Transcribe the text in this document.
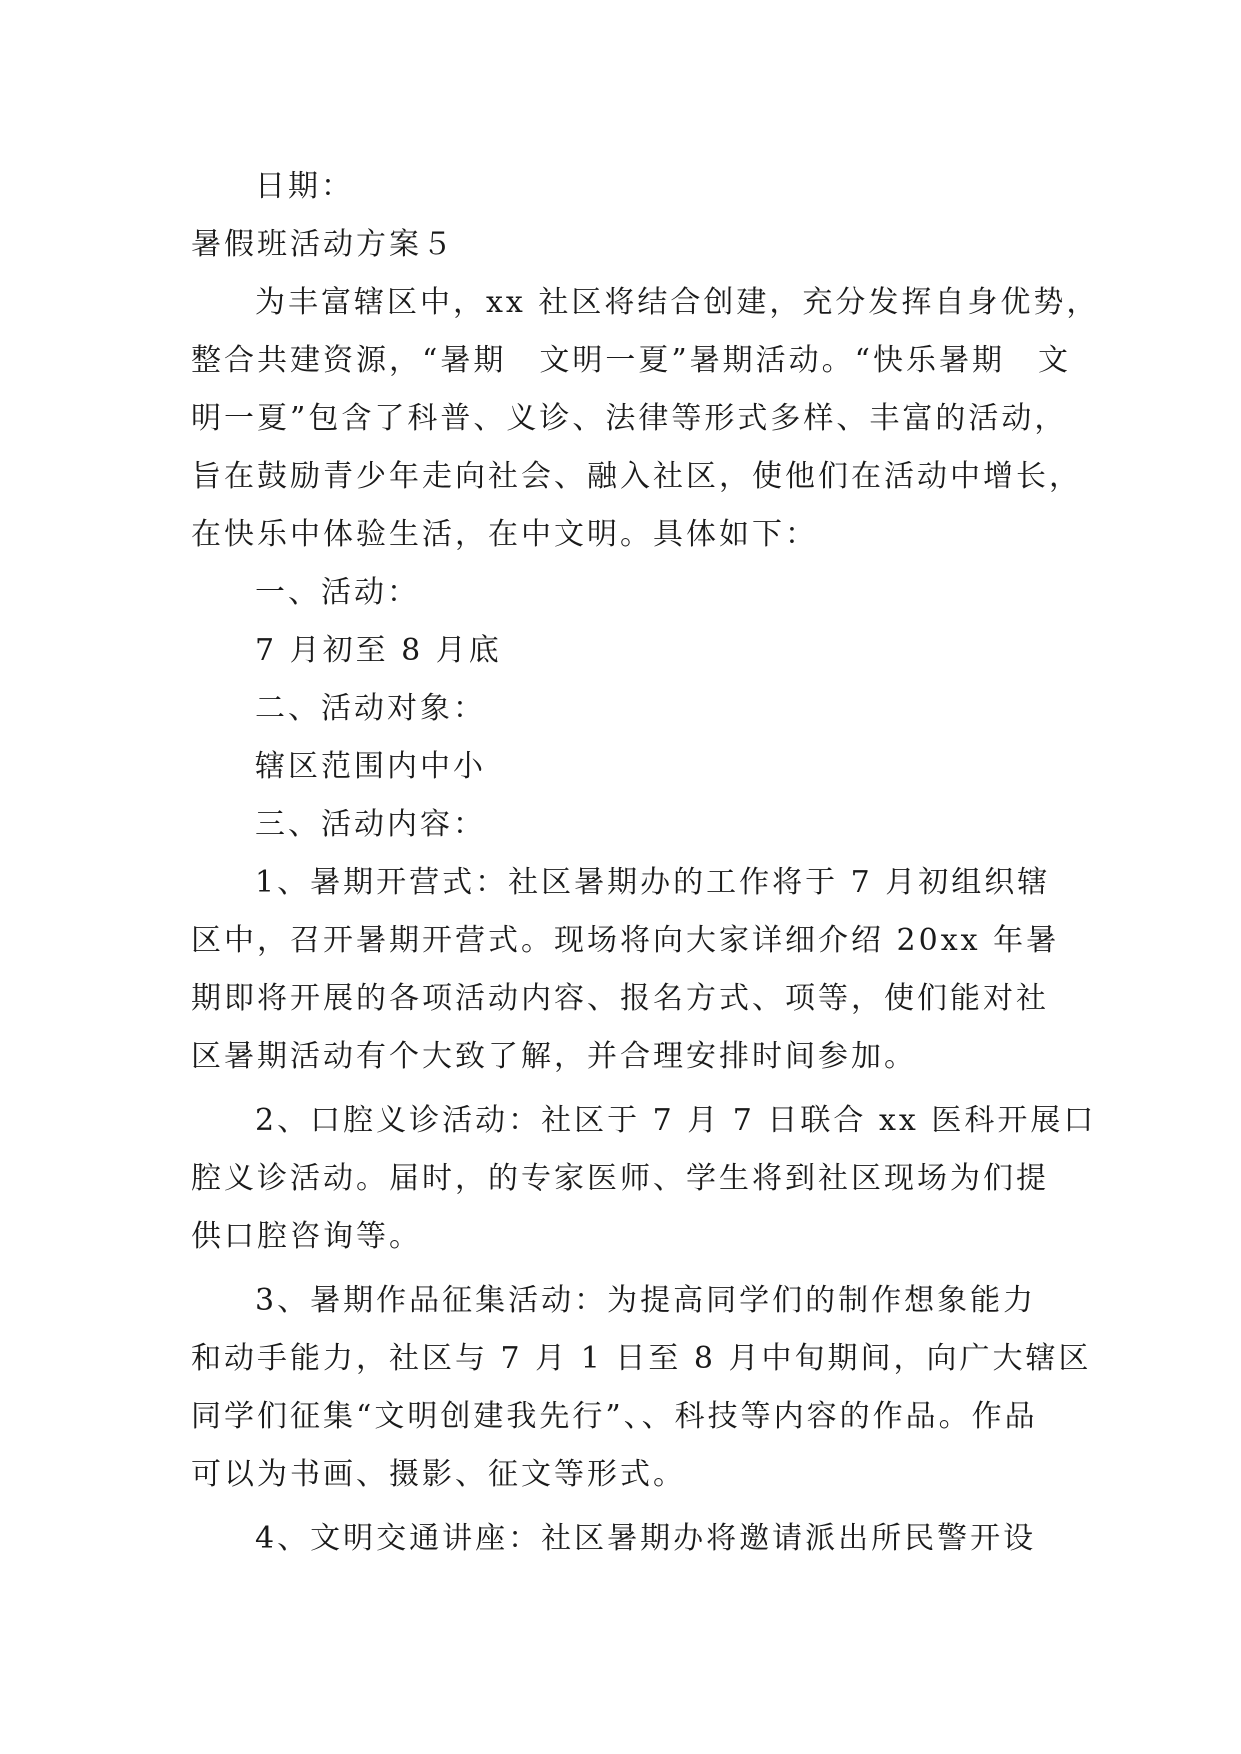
日期：

暑假班活动方案５

为丰富辖区中，xx 社区将结合创建，充分发挥自身优势，

整合共建资源，“暑期　文明一夏”暑期活动。“快乐暑期　文

明一夏”包含了科普、义诊、法律等形式多样、丰富的活动，

旨在鼓励青少年走向社会、融入社区，使他们在活动中增长，

在快乐中体验生活，在中文明。具体如下：

一、活动：

7 月初至 8 月底

二、活动对象：

辖区范围内中小

三、活动内容：

1、暑期开营式：社区暑期办的工作将于 7 月初组织辖

区中，召开暑期开营式。现场将向大家详细介绍 20xx 年暑

期即将开展的各项活动内容、报名方式、项等，使们能对社

区暑期活动有个大致了解，并合理安排时间参加。

2、口腔义诊活动：社区于 7 月 7 日联合 xx 医科开展口

腔义诊活动。届时，的专家医师、学生将到社区现场为们提

供口腔咨询等。

3、暑期作品征集活动：为提高同学们的制作想象能力

和动手能力，社区与 7 月 1 日至 8 月中旬期间，向广大辖区

同学们征集“文明创建我先行”、、科技等内容的作品。作品

可以为书画、摄影、征文等形式。

4、文明交通讲座：社区暑期办将邀请派出所民警开设
